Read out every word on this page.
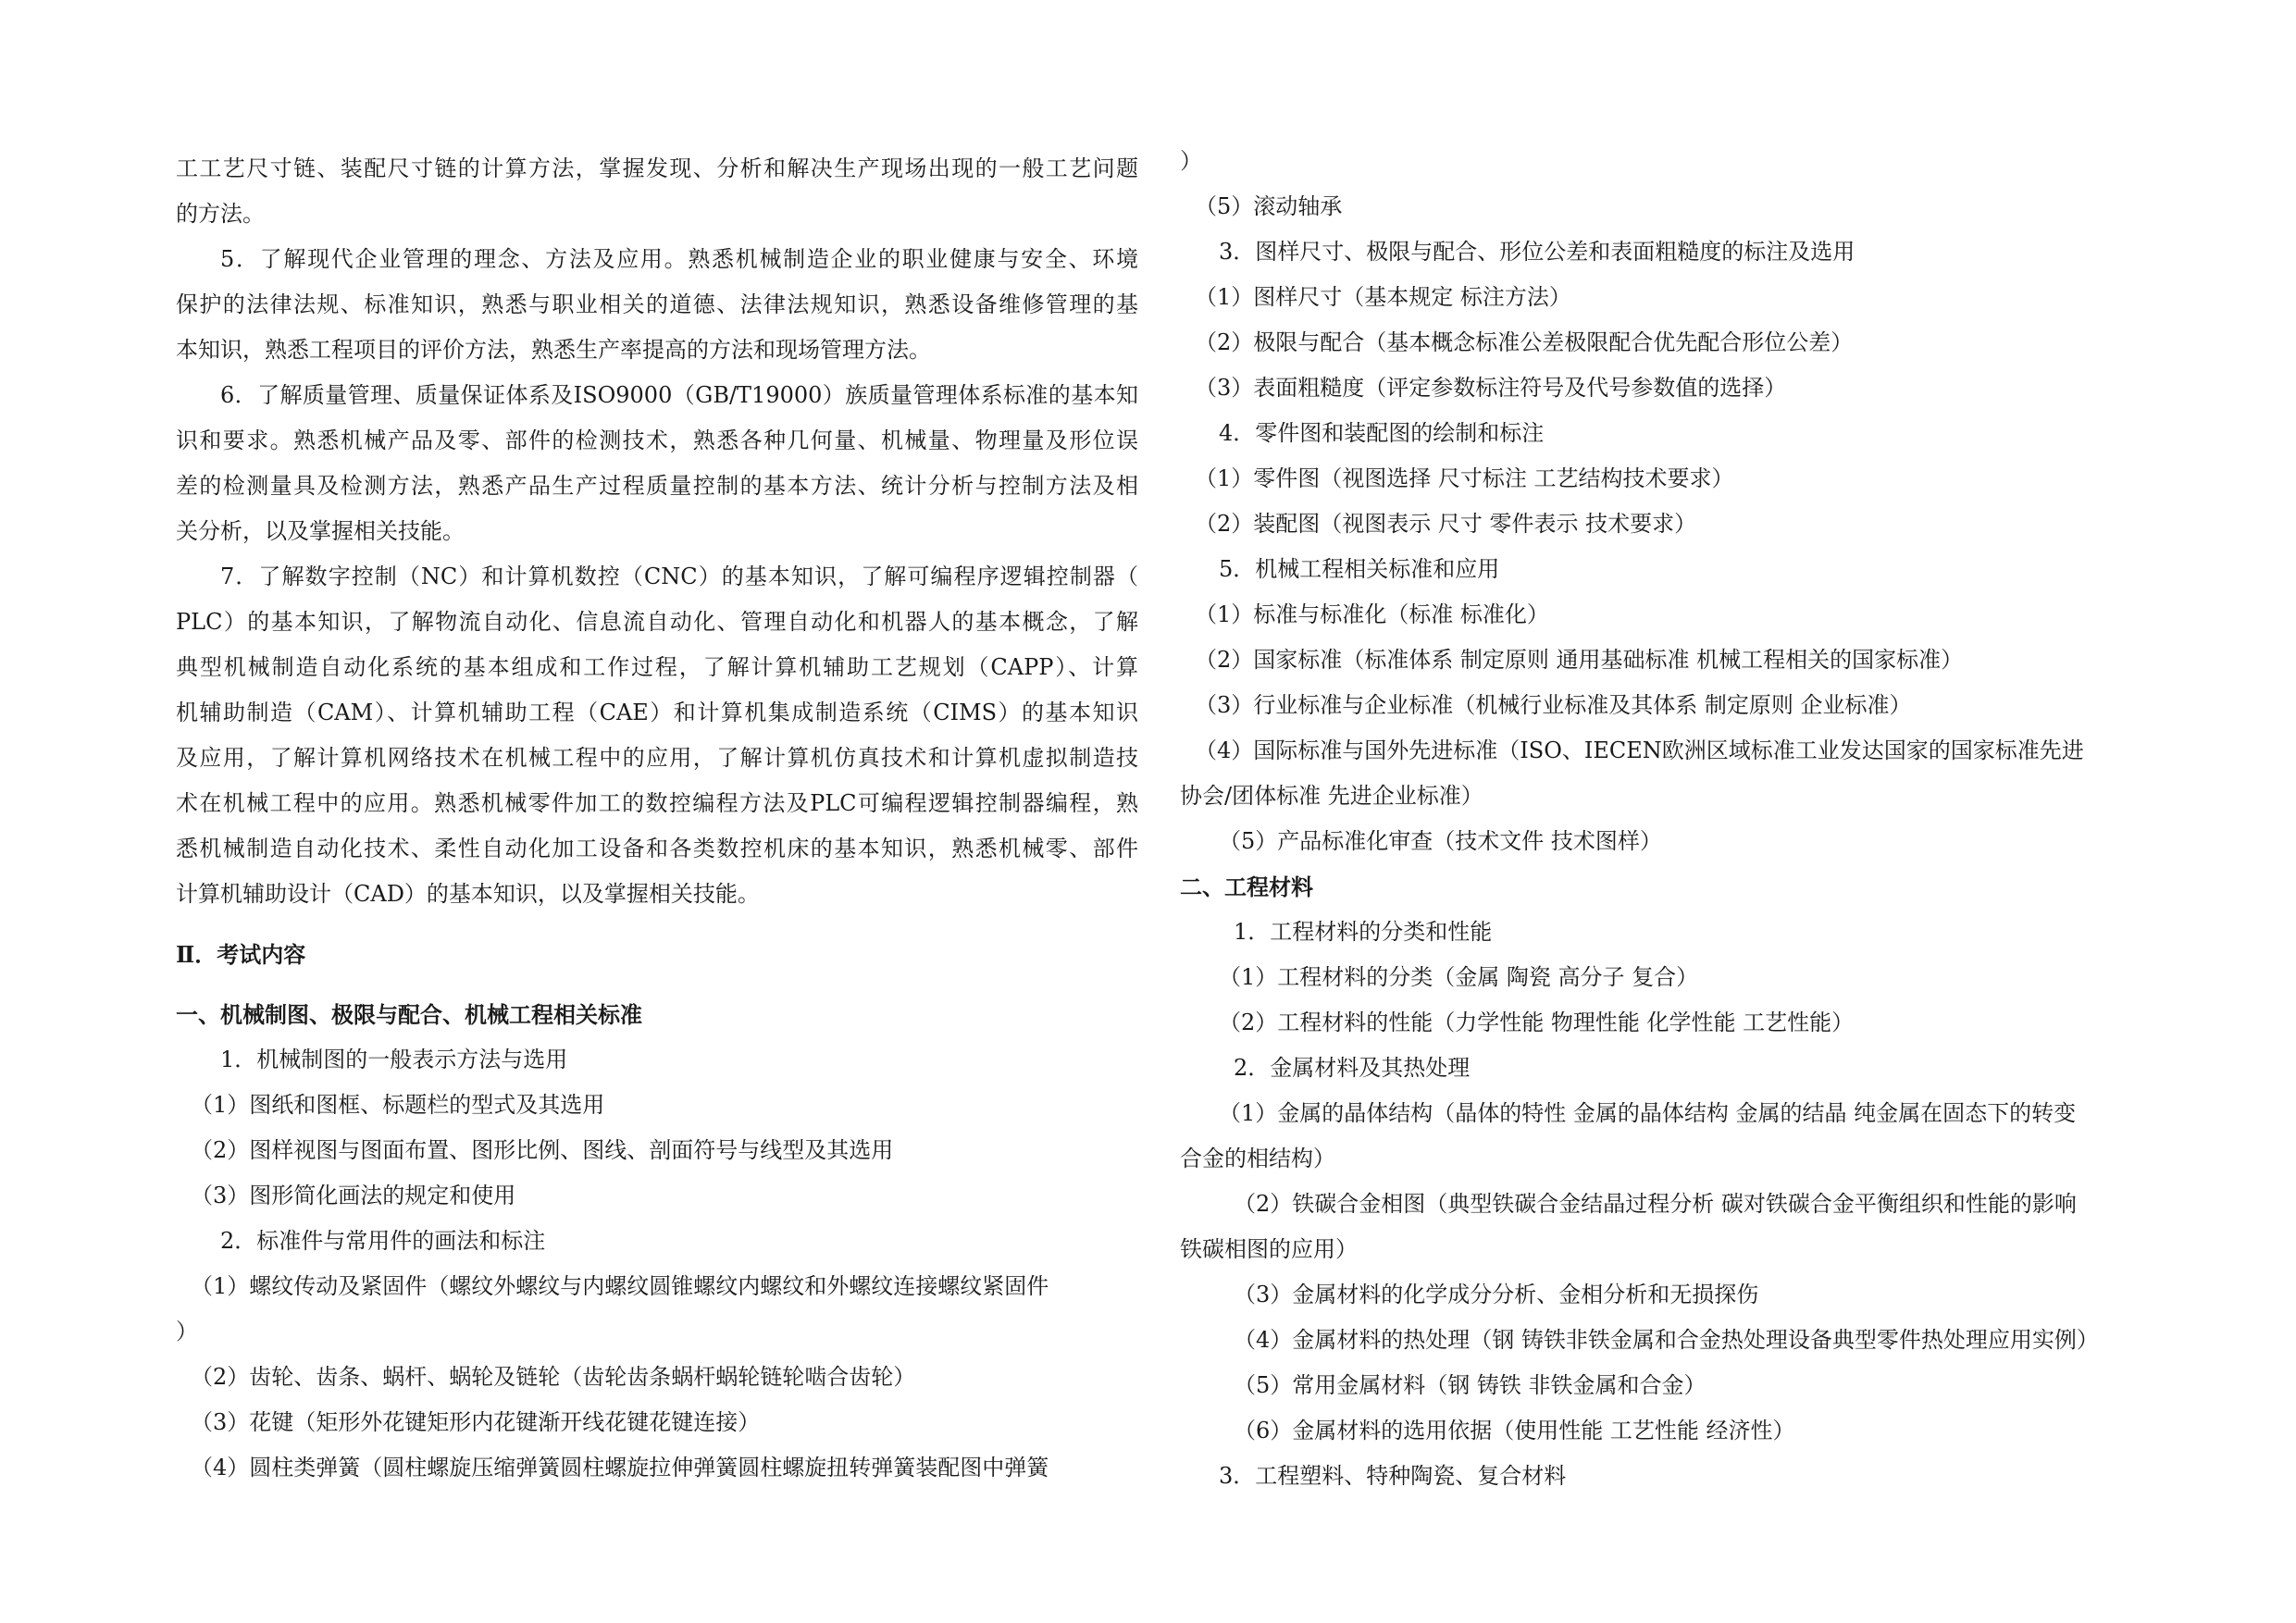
工工艺尺寸链、装配尺寸链的计算方法，掌握发现、分析和解决生产现场出现的一般工艺问题
的方法。
5．了解现代企业管理的理念、方法及应用。熟悉机械制造企业的职业健康与安全、环境
保护的法律法规、标准知识，熟悉与职业相关的道德、法律法规知识，熟悉设备维修管理的基
本知识，熟悉工程项目的评价方法，熟悉生产率提高的方法和现场管理方法。
6．了解质量管理、质量保证体系及ISO9000（GB/T19000）族质量管理体系标准的基本知
识和要求。熟悉机械产品及零、部件的检测技术，熟悉各种几何量、机械量、物理量及形位误
差的检测量具及检测方法，熟悉产品生产过程质量控制的基本方法、统计分析与控制方法及相
关分析，以及掌握相关技能。
7．了解数字控制（NC）和计算机数控（CNC）的基本知识，了解可编程序逻辑控制器（
PLC）的基本知识，了解物流自动化、信息流自动化、管理自动化和机器人的基本概念，了解
典型机械制造自动化系统的基本组成和工作过程，了解计算机辅助工艺规划（CAPP）、计算
机辅助制造（CAM）、计算机辅助工程（CAE）和计算机集成制造系统（CIMS）的基本知识
及应用，了解计算机网络技术在机械工程中的应用，了解计算机仿真技术和计算机虚拟制造技
术在机械工程中的应用。熟悉机械零件加工的数控编程方法及PLC可编程逻辑控制器编程，熟
悉机械制造自动化技术、柔性自动化加工设备和各类数控机床的基本知识，熟悉机械零、部件
计算机辅助设计（CAD）的基本知识，以及掌握相关技能。
Ⅱ．考试内容
一、机械制图、极限与配合、机械工程相关标准
1．机械制图的一般表示方法与选用
（1）图纸和图框、标题栏的型式及其选用
（2）图样视图与图面布置、图形比例、图线、剖面符号与线型及其选用
（3）图形简化画法的规定和使用
2．标准件与常用件的画法和标注
（1）螺纹传动及紧固件（螺纹外螺纹与内螺纹圆锥螺纹内螺纹和外螺纹连接螺纹紧固件
）
（2）齿轮、齿条、蜗杆、蜗轮及链轮（齿轮齿条蜗杆蜗轮链轮啮合齿轮）
（3）花键（矩形外花键矩形内花键渐开线花键花键连接）
（4）圆柱类弹簧（圆柱螺旋压缩弹簧圆柱螺旋拉伸弹簧圆柱螺旋扭转弹簧装配图中弹簧
）
（5）滚动轴承
3．图样尺寸、极限与配合、形位公差和表面粗糙度的标注及选用
（1）图样尺寸（基本规定 标注方法）
（2）极限与配合（基本概念标准公差极限配合优先配合形位公差）
（3）表面粗糙度（评定参数标注符号及代号参数值的选择）
4．零件图和装配图的绘制和标注
（1）零件图（视图选择 尺寸标注 工艺结构技术要求）
（2）装配图（视图表示 尺寸 零件表示 技术要求）
5．机械工程相关标准和应用
（1）标准与标准化（标准 标准化）
（2）国家标准（标准体系 制定原则 通用基础标准 机械工程相关的国家标准）
（3）行业标准与企业标准（机械行业标准及其体系 制定原则 企业标准）
（4）国际标准与国外先进标准（ISO、IECEN欧洲区域标准工业发达国家的国家标准先进
协会/团体标准 先进企业标准）
（5）产品标准化审查（技术文件 技术图样）
二、工程材料
1．工程材料的分类和性能
（1）工程材料的分类（金属 陶瓷 高分子 复合）
（2）工程材料的性能（力学性能 物理性能 化学性能 工艺性能）
2．金属材料及其热处理
（1）金属的晶体结构（晶体的特性 金属的晶体结构 金属的结晶 纯金属在固态下的转变
合金的相结构）
（2）铁碳合金相图（典型铁碳合金结晶过程分析 碳对铁碳合金平衡组织和性能的影响
铁碳相图的应用）
（3）金属材料的化学成分分析、金相分析和无损探伤
（4）金属材料的热处理（钢 铸铁非铁金属和合金热处理设备典型零件热处理应用实例）
（5）常用金属材料（钢 铸铁 非铁金属和合金）
（6）金属材料的选用依据（使用性能 工艺性能 经济性）
3．工程塑料、特种陶瓷、复合材料
